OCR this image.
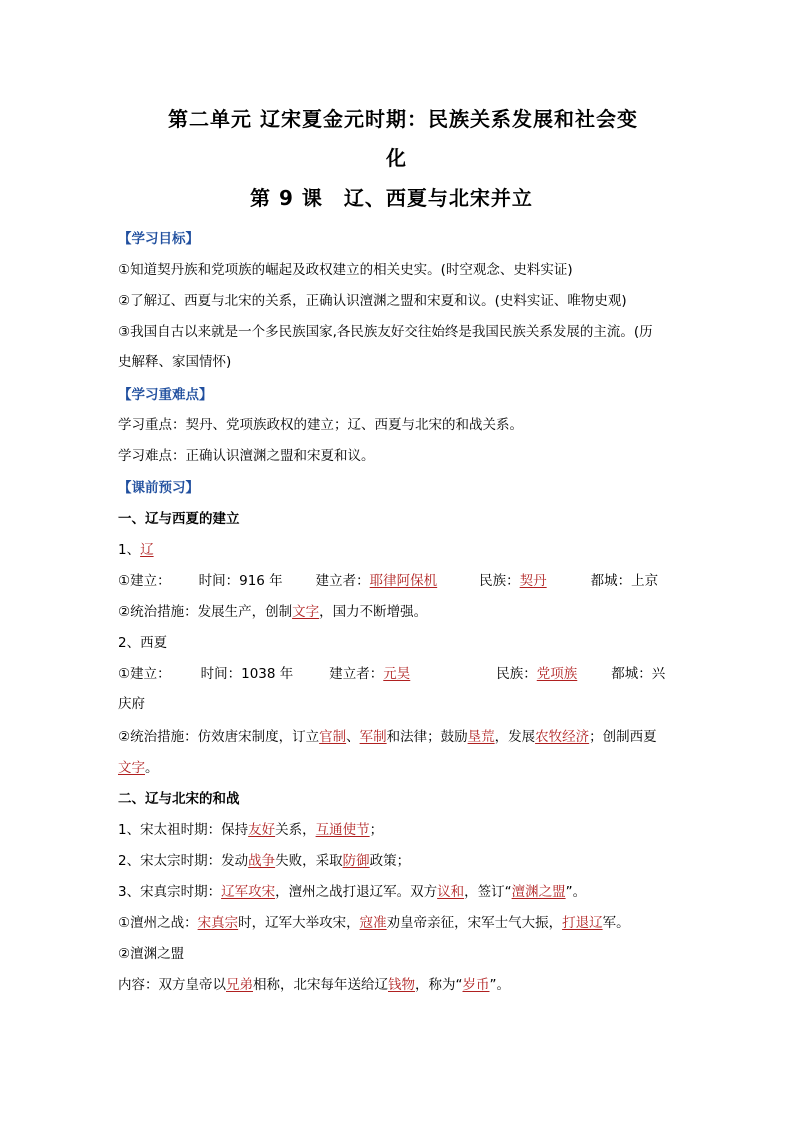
第二单元 辽宋夏金元时期：民族关系发展和社会变
化
第 9 课　辽、西夏与北宋并立
【学习目标】
①知道契丹族和党项族的崛起及政权建立的相关史实。(时空观念、史料实证)
②了解辽、西夏与北宋的关系，正确认识澶渊之盟和宋夏和议。(史料实证、唯物史观)
③我国自古以来就是一个多民族国家,各民族友好交往始终是我国民族关系发展的主流。(历
史解释、家国情怀)
【学习重难点】
学习重点：契丹、党项族政权的建立；辽、西夏与北宋的和战关系。
学习难点：正确认识澶渊之盟和宋夏和议。
【课前预习】
一、辽与西夏的建立
1、辽
①建立： 时间：916 年 建立者：耶律阿保机	民族：契丹	都城：上京
②统治措施：发展生产，创制文字，国力不断增强。
2、西夏
①建立： 时间：1038 年	建立者：元昊	民族：党项族	都城：兴
庆府
②统治措施：仿效唐宋制度，订立官制、军制和法律；鼓励垦荒，发展农牧经济；创制西夏
文字。
二、辽与北宋的和战
1、宋太祖时期：保持友好关系，互通使节；
2、宋太宗时期：发动战争失败，采取防御政策；
3、宋真宗时期：辽军攻宋，澶州之战打退辽军。双方议和，签订“澶渊之盟”。
①澶州之战：宋真宗时，辽军大举攻宋，寇准劝皇帝亲征，宋军士气大振，打退辽军。
②澶渊之盟
内容：双方皇帝以兄弟相称，北宋每年送给辽钱物，称为“岁币”。
